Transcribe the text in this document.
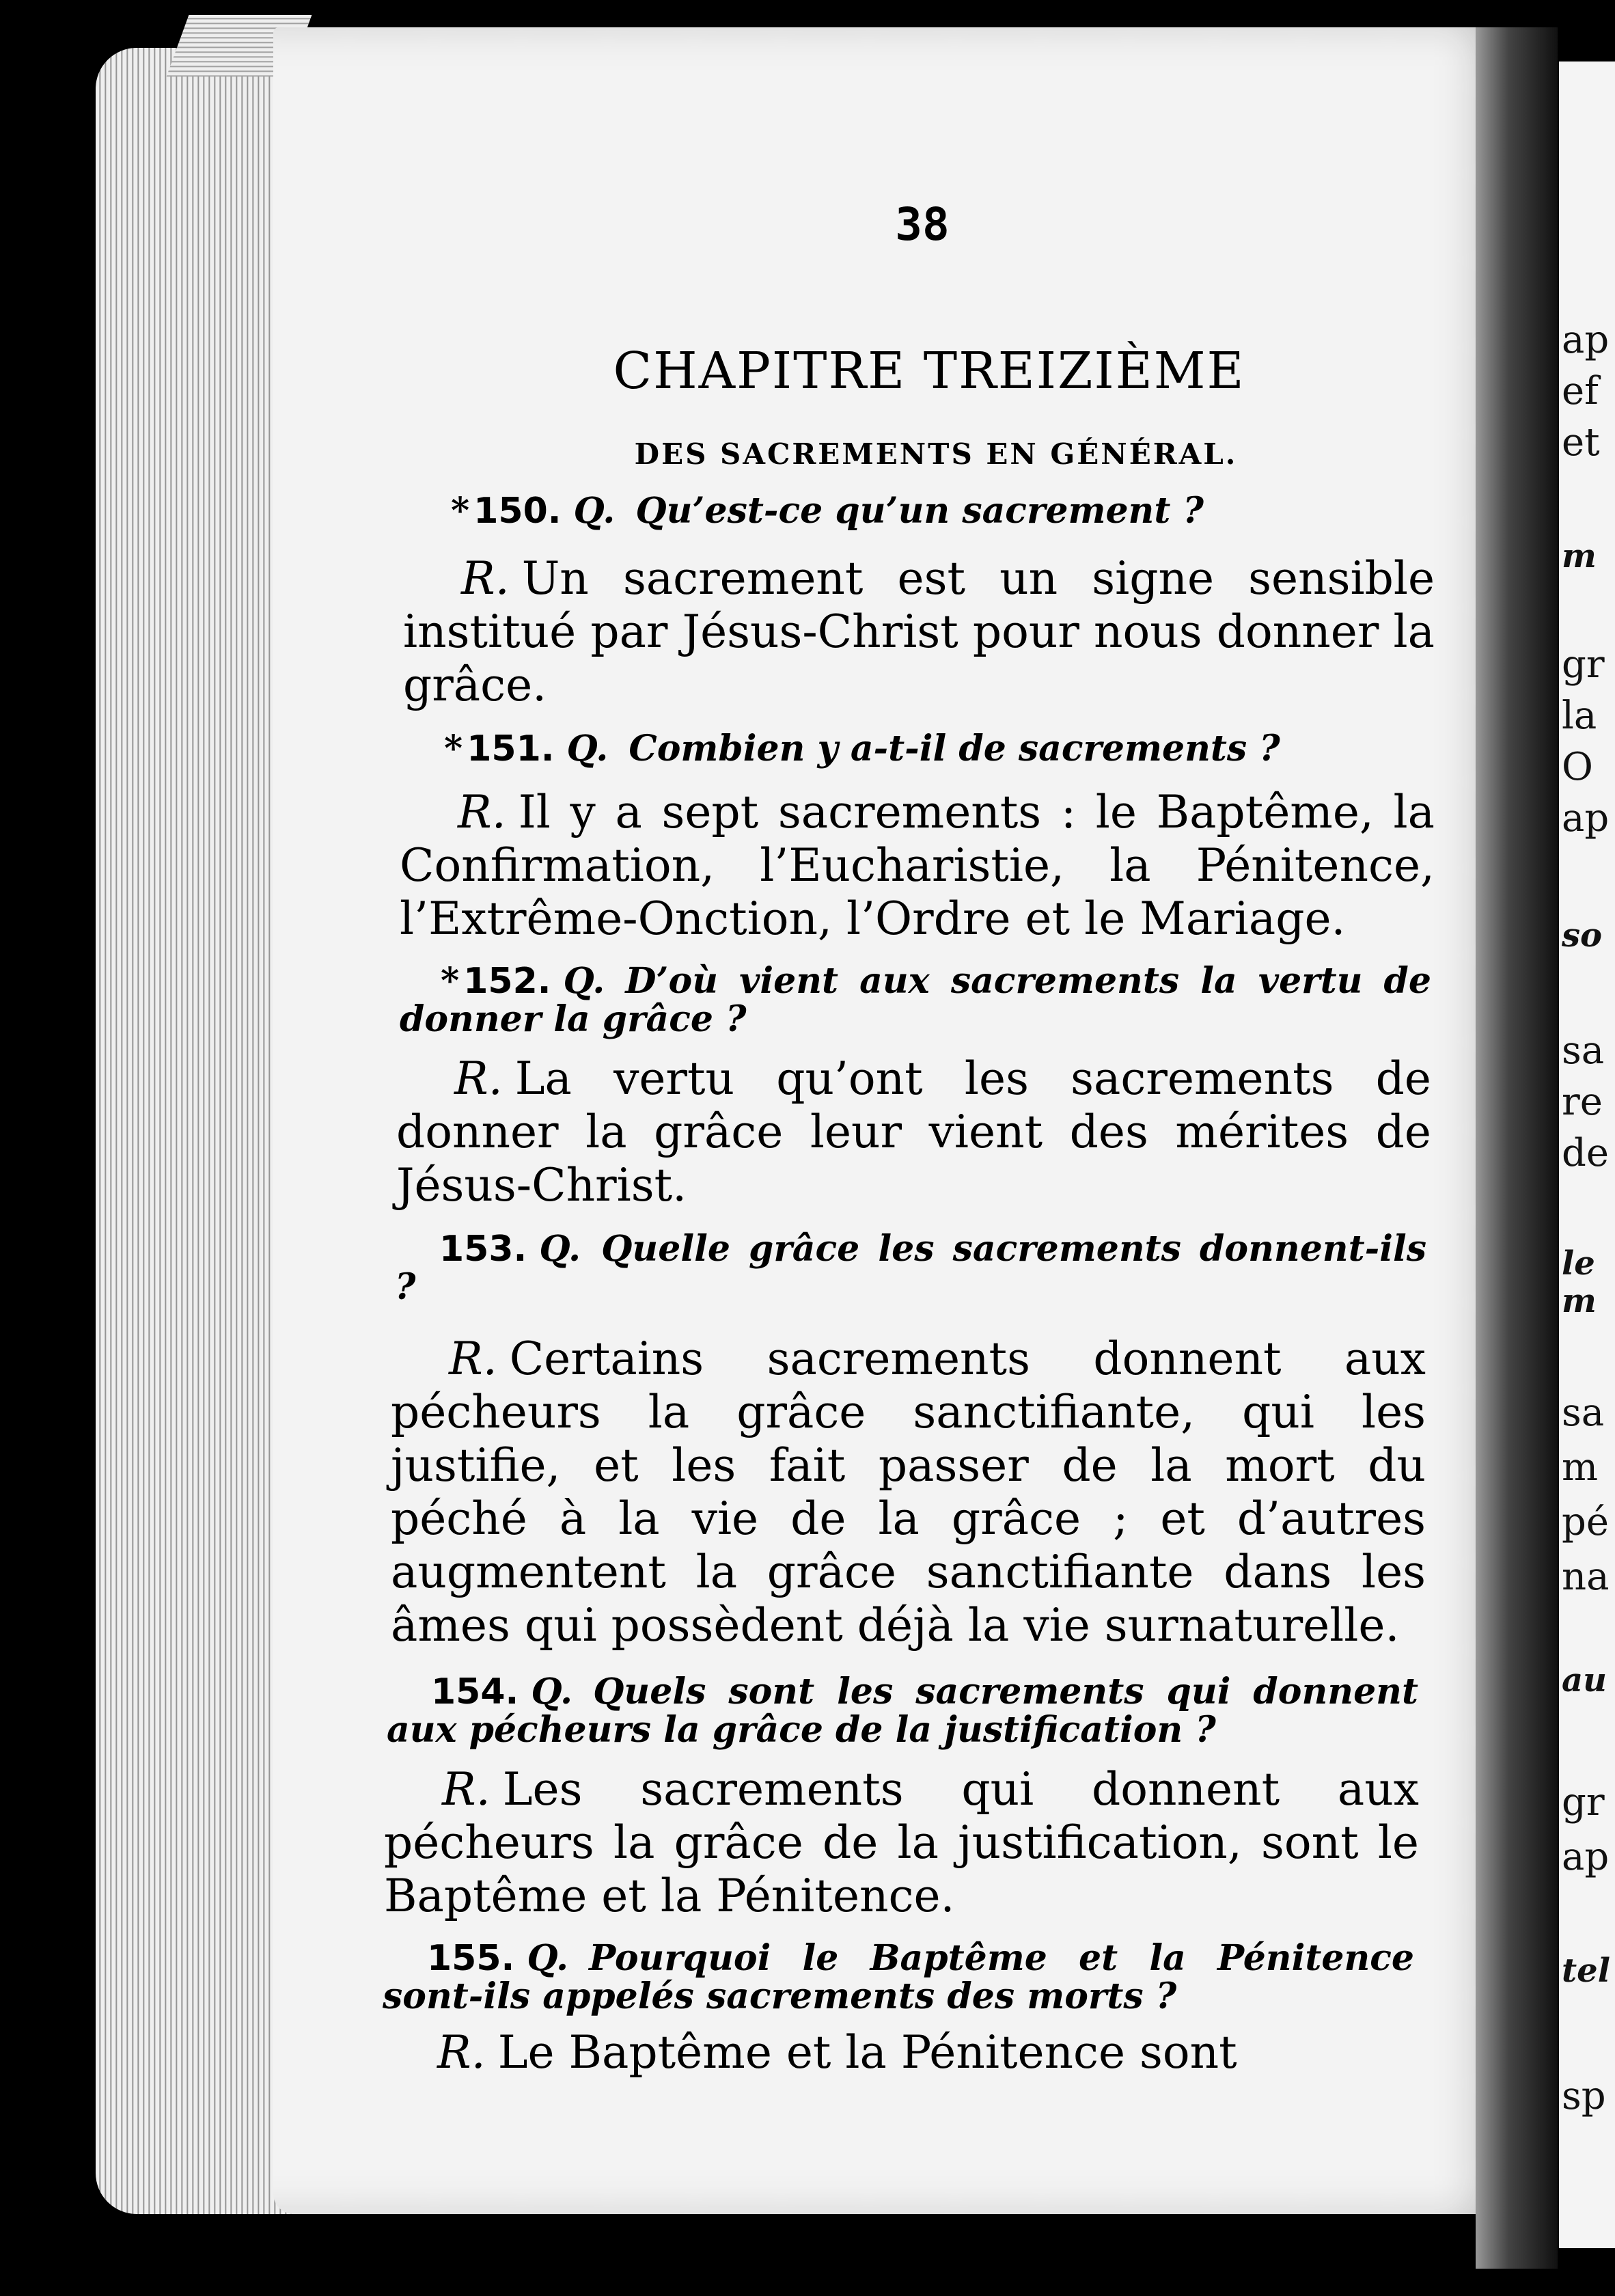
ap
ef
et
m
gr
la
O
ap
so
sa
re
de
le
m
sa
m
pé
na
au
gr
ap
tel
sp
38
CHAPITRE TREIZIÈME
DES SACREMENTS EN GÉNÉRAL.
* 150. Q. Qu’est-ce qu’un sacrement ?
R. Un sacrement est un signe sensible institué par Jésus-Christ pour nous donner la grâce.
* 151. Q. Combien y a-t-il de sacrements ?
R. Il y a sept sacrements : le Baptême, la Confirmation, l’Eucharistie, la Pénitence, l’Extrême-Onction, l’Ordre et le Mariage.
* 152. Q. D’où vient aux sacrements la vertu de donner la grâce ?
R. La vertu qu’ont les sacrements de donner la grâce leur vient des mérites de Jésus-Christ.
153. Q. Quelle grâce les sacrements donnent-ils ?
R. Certains sacrements donnent aux pécheurs la grâce sanctifiante, qui les justifie, et les fait passer de la mort du péché à la vie de la grâce ; et d’autres augmentent la grâce sanctifiante dans les âmes qui possèdent déjà la vie surnaturelle.
154. Q. Quels sont les sacrements qui donnent aux pécheurs la grâce de la justification ?
R. Les sacrements qui donnent aux pécheurs la grâce de la justification, sont le Baptême et la Pénitence.
155. Q. Pourquoi le Baptême et la Pénitence sont-ils appelés sacrements des morts ?
R. Le Baptême et la Pénitence sont
